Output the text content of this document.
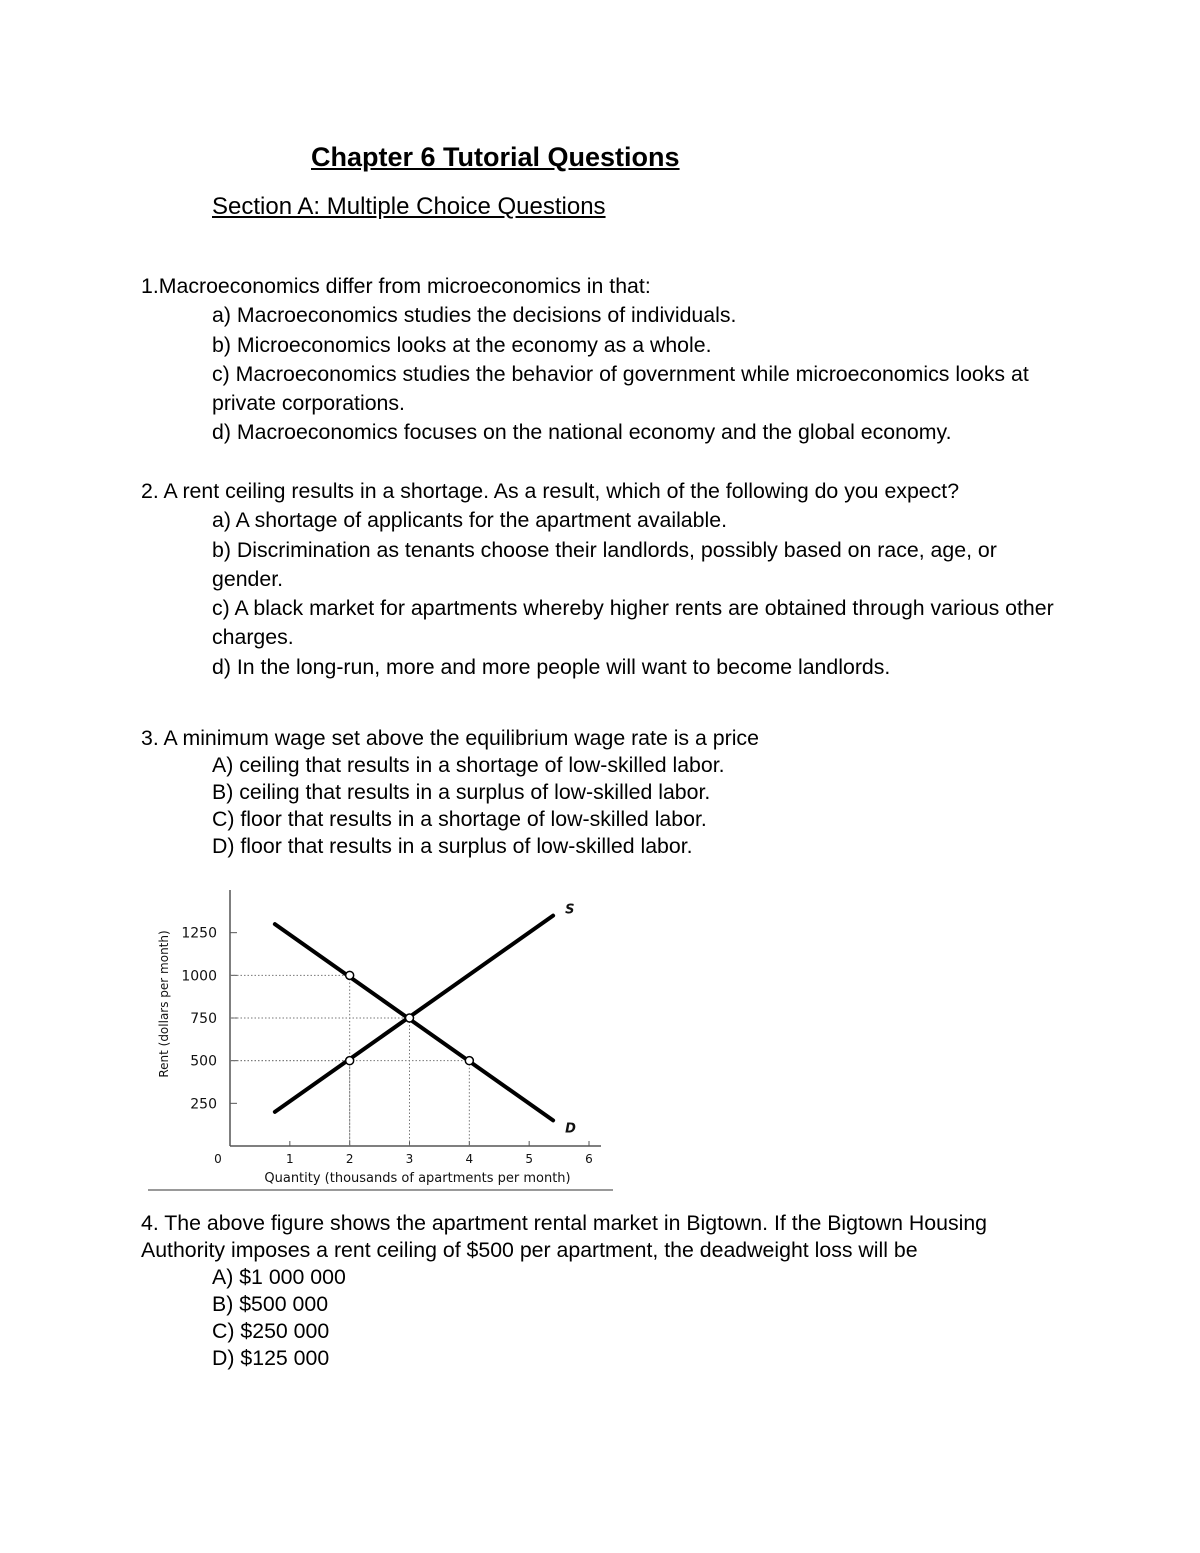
Chapter 6 Tutorial Questions
Section A: Multiple Choice Questions
1.Macroeconomics differ from microeconomics in that:
a) Macroeconomics studies the decisions of individuals.
b) Microeconomics looks at the economy as a whole.
c) Macroeconomics studies the behavior of government while microeconomics looks at private corporations.
d) Macroeconomics focuses on the national economy and the global economy.
2. A rent ceiling results in a shortage. As a result, which of the following do you expect?
a) A shortage of applicants for the apartment available.
b) Discrimination as tenants choose their landlords, possibly based on race, age, or gender.
c) A black market for apartments whereby higher rents are obtained through various other charges.
d) In the long-run, more and more people will want to become landlords.
3. A minimum wage set above the equilibrium wage rate is a price
A) ceiling that results in a shortage of low-skilled labor.
B) ceiling that results in a surplus of low-skilled labor.
C) floor that results in a shortage of low-skilled labor.
D) floor that results in a surplus of low-skilled labor.
250
500
750
1000
1250
0	1	2	3	4	5	6
Quantity (thousands of apartments per month)
Rent (dollars per month)
S
D
4. The above figure shows the apartment rental market in Bigtown. If the Bigtown Housing
Authority imposes a rent ceiling of $500 per apartment, the deadweight loss will be
A) $1 000 000
B) $500 000
C) $250 000
D) $125 000
